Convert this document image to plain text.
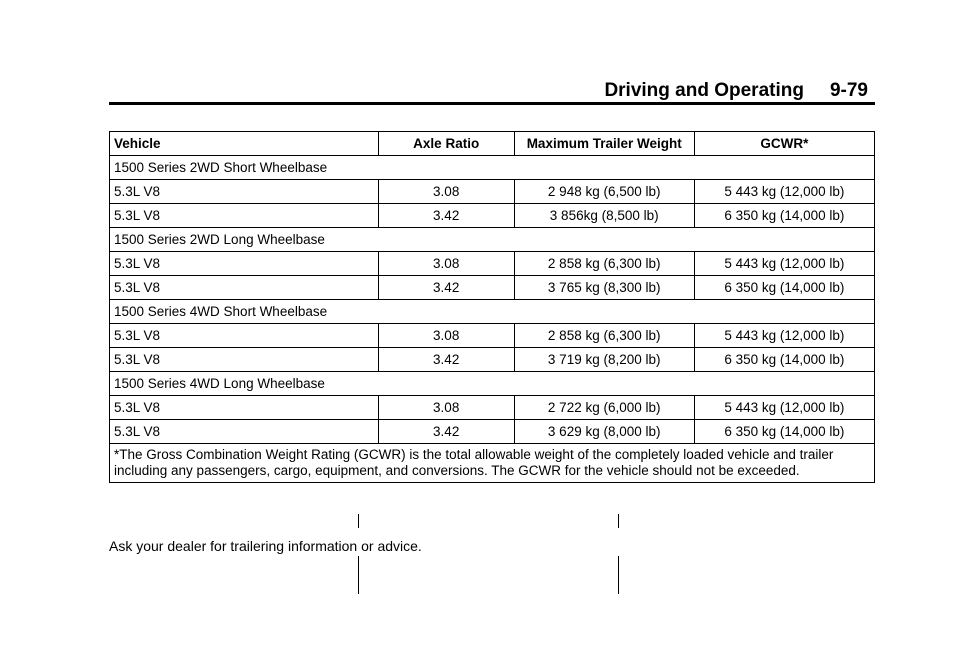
Driving and Operating 9-79
Vehicle	Axle Ratio	Maximum Trailer Weight	GCWR*
1500 Series 2WD Short Wheelbase			
5.3L V8	3.08	2 948 kg (6,500 lb)	5 443 kg (12,000 lb)
5.3L V8	3.42	3 856kg (8,500 lb)	6 350 kg (14,000 lb)
1500 Series 2WD Long Wheelbase			
5.3L V8	3.08	2 858 kg (6,300 lb)	5 443 kg (12,000 lb)
5.3L V8	3.42	3 765 kg (8,300 lb)	6 350 kg (14,000 lb)
1500 Series 4WD Short Wheelbase			
5.3L V8	3.08	2 858 kg (6,300 lb)	5 443 kg (12,000 lb)
5.3L V8	3.42	3 719 kg (8,200 lb)	6 350 kg (14,000 lb)
1500 Series 4WD Long Wheelbase			
5.3L V8	3.08	2 722 kg (6,000 lb)	5 443 kg (12,000 lb)
5.3L V8	3.42	3 629 kg (8,000 lb)	6 350 kg (14,000 lb)
*The Gross Combination Weight Rating (GCWR) is the total allowable weight of the completely loaded vehicle and trailer including any passengers, cargo, equipment, and conversions. The GCWR for the vehicle should not be exceeded.			
Ask your dealer for trailering information or advice.
